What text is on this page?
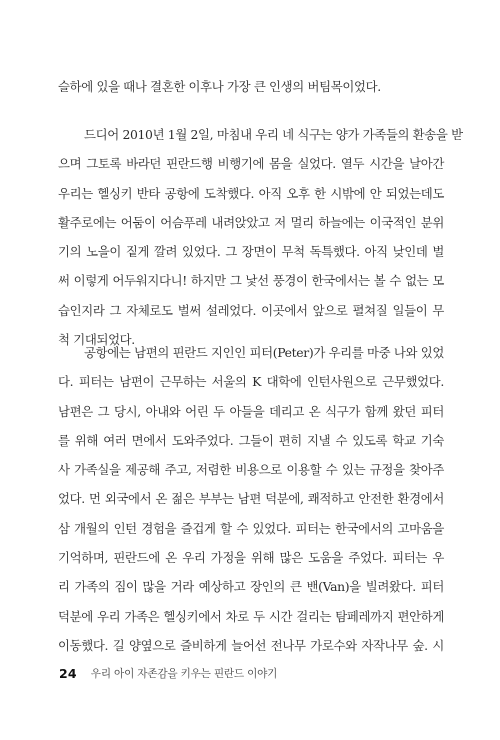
슬하에 있을 때나 결혼한 이후나 가장 큰 인생의 버팀목이었다.
드디어 2010년 1월 2일, 마침내 우리 네 식구는 양가 가족들의 환송을 받
으며 그토록 바라던 핀란드행 비행기에 몸을 실었다. 열두 시간을 날아간
우리는 헬싱키 반타 공항에 도착했다. 아직 오후 한 시밖에 안 되었는데도
활주로에는 어둠이 어슴푸레 내려앉았고 저 멀리 하늘에는 이국적인 분위
기의 노을이 짙게 깔려 있었다. 그 장면이 무척 독특했다. 아직 낮인데 벌
써 이렇게 어두워지다니! 하지만 그 낯선 풍경이 한국에서는 볼 수 없는 모
습인지라 그 자체로도 벌써 설레었다. 이곳에서 앞으로 펼쳐질 일들이 무
척 기대되었다.
공항에는 남편의 핀란드 지인인 피터(Peter)가 우리를 마중 나와 있었
다. 피터는 남편이 근무하는 서울의 K 대학에 인턴사원으로 근무했었다.
남편은 그 당시, 아내와 어린 두 아들을 데리고 온 식구가 함께 왔던 피터
를 위해 여러 면에서 도와주었다. 그들이 편히 지낼 수 있도록 학교 기숙
사 가족실을 제공해 주고, 저렴한 비용으로 이용할 수 있는 규정을 찾아주
었다. 먼 외국에서 온 젊은 부부는 남편 덕분에, 쾌적하고 안전한 환경에서
삼 개월의 인턴 경험을 즐겁게 할 수 있었다. 피터는 한국에서의 고마움을
기억하며, 핀란드에 온 우리 가정을 위해 많은 도움을 주었다. 피터는 우
리 가족의 짐이 많을 거라 예상하고 장인의 큰 밴(Van)을 빌려왔다. 피터
덕분에 우리 가족은 헬싱키에서 차로 두 시간 걸리는 탐페레까지 편안하게
이동했다. 길 양옆으로 즐비하게 늘어선 전나무 가로수와 자작나무 숲. 시
24 우리 아이 자존감을 키우는 핀란드 이야기
